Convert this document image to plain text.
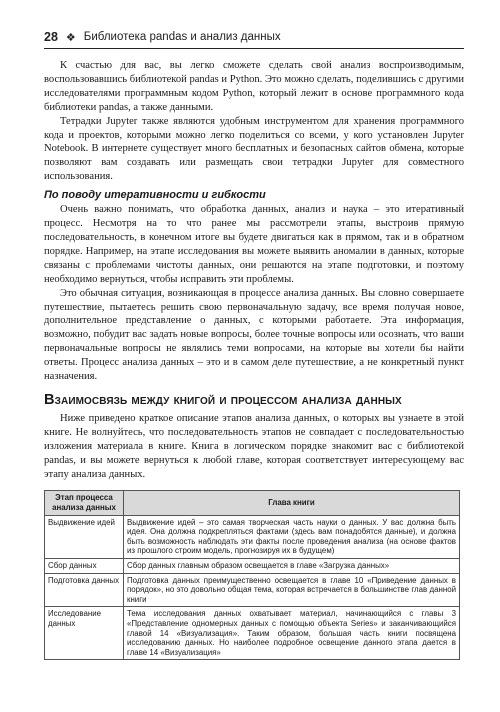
28 ❖ Библиотека pandas и анализ данных

К счастью для вас, вы легко сможете сделать свой анализ воспроизводимым, воспользовавшись библиотекой pandas и Python. Это можно сделать, поделившись с другими исследователями программным кодом Python, который лежит в основе программного кода библиотеки pandas, а также данными.

Тетрадки Jupyter также являются удобным инструментом для хранения программного кода и проектов, которыми можно легко поделиться со всеми, у кого установлен Jupyter Notebook. В интернете существует много бесплатных и безопасных сайтов обмена, которые позволяют вам создавать или размещать свои тетрадки Jupyter для совместного использования.

По поводу итеративности и гибкости

Очень важно понимать, что обработка данных, анализ и наука – это итеративный процесс. Несмотря на то что ранее мы рассмотрели этапы, выстроив прямую последовательность, в конечном итоге вы будете двигаться как в прямом, так и в обратном порядке. Например, на этапе исследования вы можете выявить аномалии в данных, которые связаны с проблемами чистоты данных, они решаются на этапе подготовки, и поэтому необходимо вернуться, чтобы исправить эти проблемы.

Это обычная ситуация, возникающая в процессе анализа данных. Вы словно совершаете путешествие, пытаетесь решить свою первоначальную задачу, все время получая новое, дополнительное представление о данных, с которыми работаете. Эта информация, возможно, побудит вас задать новые вопросы, более точные вопросы или осознать, что ваши первоначальные вопросы не являлись теми вопросами, на которые вы хотели бы найти ответы. Процесс анализа данных – это и в самом деле путешествие, а не конкретный пункт назначения.

Взаимосвязь между книгой и процессом анализа данных

Ниже приведено краткое описание этапов анализа данных, о которых вы узнаете в этой книге. Не волнуйтесь, что последовательность этапов не совпадает с последовательностью изложения материала в книге. Книга в логическом порядке знакомит вас с библиотекой pandas, и вы можете вернуться к любой главе, которая соответствует интересующему вас этапу анализа данных.

Этап процесса анализа данных	Глава книги
Выдвижение идей	Выдвижение идей – это самая творческая часть науки о данных. У вас должна быть идея. Она должна подкрепляться фактами (здесь вам понадобятся данные), и должна быть возможность наблюдать эти факты после проведения анализа (на основе фактов из прошлого строим модель, прогнозируя их в будущем)
Сбор данных	Сбор данных главным образом освещается в главе «Загрузка данных»
Подготовка данных	Подготовка данных преимущественно освещается в главе 10 «Приведение данных в порядок», но это довольно общая тема, которая встречается в большинстве глав данной книги
Исследование данных	Тема исследования данных охватывает материал, начинающийся с главы 3 «Представление одномерных данных с помощью объекта Series» и заканчивающийся главой 14 «Визуализация». Таким образом, большая часть книги посвящена исследованию данных. Но наиболее подробное освещение данного этапа дается в главе 14 «Визуализация»
